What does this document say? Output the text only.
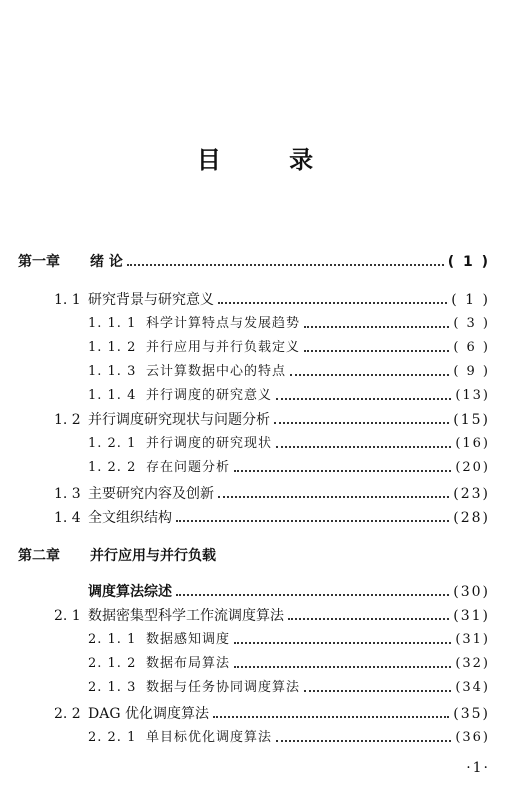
目 录
第一章	绪 论	( 1 )
1. 1 研究背景与研究意义	( 1 )
1. 1. 1 科学计算特点与发展趋势	( 3 )
1. 1. 2 并行应用与并行负载定义	( 6 )
1. 1. 3 云计算数据中心的特点	( 9 )
1. 1. 4 并行调度的研究意义	(13)
1. 2 并行调度研究现状与问题分析	(15)
1. 2. 1 并行调度的研究现状	(16)
1. 2. 2 存在问题分析	(20)
1. 3 主要研究内容及创新	(23)
1. 4 全文组织结构	(28)
第二章	并行应用与并行负载
调度算法综述	(30)
2. 1 数据密集型科学工作流调度算法	(31)
2. 1. 1 数据感知调度	(31)
2. 1. 2 数据布局算法	(32)
2. 1. 3 数据与任务协同调度算法	(34)
2. 2 DAG 优化调度算法	(35)
2. 2. 1 单目标优化调度算法	(36)
·1·
